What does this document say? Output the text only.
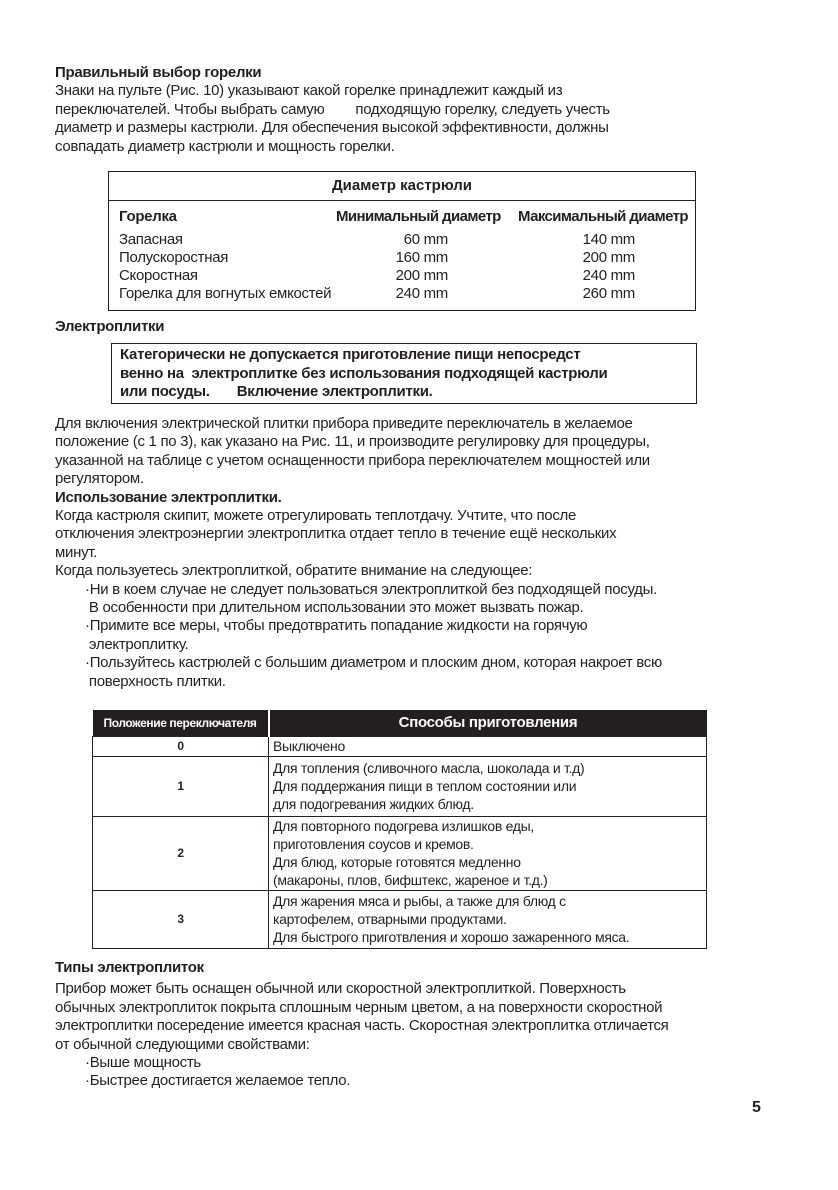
Правильный выбор горелки
Знаки на пульте (Рис. 10) указывают какой горелке принадлежит каждый из
переключателей. Чтобы выбрать самую        подходящую горелку, следуеть учесть
диаметр и размеры кастрюли. Для обеспечения высокой эффективности, должны
совпадать диаметр кастрюли и мощность горелки.
Диаметр кастрюли
Горелка	Минимальный диаметр Максимальный диаметр
Запасная	60 mm	140 mm
Полускоростная	160 mm	200 mm
Скоростная	200 mm	240 mm
Горелка для вогнутых емкостей	240 mm	260 mm
Электроплитки
Категорически не допускается приготовление пищи непосредст
венно на  электроплитке без использования подходящей кастрюли
или посуды.       Включение электроплитки.
Для включения электрической плитки прибора приведите переключатель в желаемое
положение (с 1 по 3), как указано на Рис. 11, и производите регулировку для процедуры,
указанной на таблице с учетом оснащенности прибора переключателем мощностей или
регулятором.
Использование электроплитки.
Когда кастрюля скипит, можете отрегулировать теплотдачу. Учтите, что после
отключения электроэнергии электроплитка отдает тепло в течение ещё нескольких
минут.
Когда пользуетесь электроплиткой, обратите внимание на следующее:
·Ни в коем случае не следует пользоваться электроплиткой без подходящей посуды.
В особенности при длительном использовании это может вызвать пожар.
·Примите все меры, чтобы предотвратить попадание жидкости на горячую
электроплитку.
·Пользуйтесь кастрюлей с большим диаметром и плоским дном, которая накроет всю
поверхность плитки.
Положение переключателя	Способы приготовления
0	Выключено

1	Для топления (сливочного масла, шоколада и т.д)
Для поддержания пищи в теплом состоянии или
для подогревания жидких блюд.

2	Для повторного подогрева излишков еды,
приготовления соусов и кремов.
Для блюд, которые готовятся медленно
(макароны, плов, бифштекс, жареное и т.д.)

3	Для жарения мяса и рыбы, а также для блюд с
картофелем, отварными продуктами.
Для быстрого приготвления и хорошо зажаренного мяса.
Типы электроплиток
Прибор может быть оснащен обычной или скоростной электроплиткой. Поверхность
обычных электроплиток покрыта сплошным черным цветом, а на поверхности скоростной
электроплитки посередение имеется красная часть. Скоростная электроплитка отличается
от обычной следующими свойствами:
·Выше мощность
·Быстрее достигается желаемое тепло.
5
